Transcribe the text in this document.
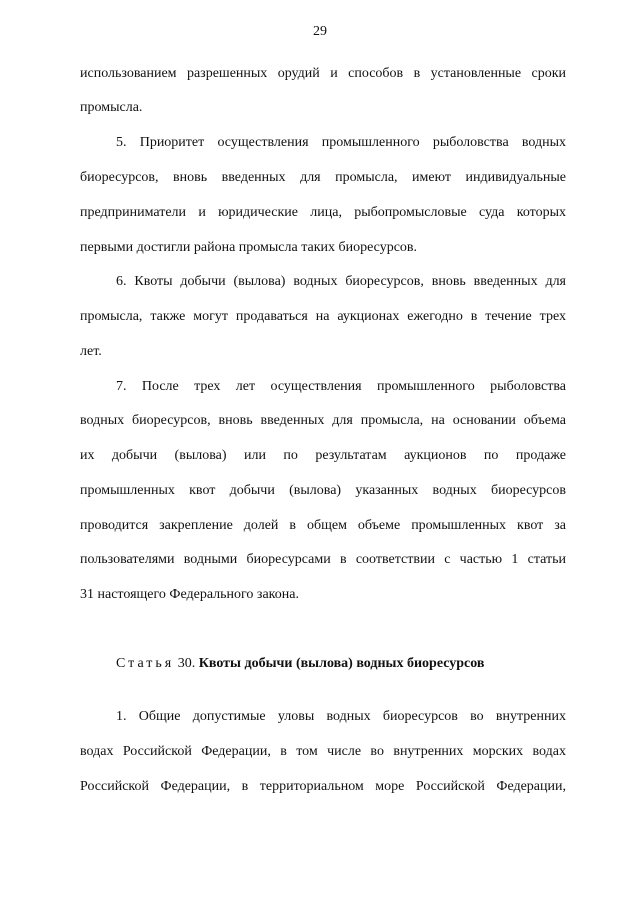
29
использованием разрешенных орудий и способов в установленные сроки
промысла.
5. Приоритет осуществления промышленного рыболовства водных
биоресурсов, вновь введенных для промысла, имеют индивидуальные
предприниматели и юридические лица, рыбопромысловые суда которых
первыми достигли района промысла таких биоресурсов.
6. Квоты добычи (вылова) водных биоресурсов, вновь введенных для
промысла, также могут продаваться на аукционах ежегодно в течение трех
лет.
7. После трех лет осуществления промышленного рыболовства
водных биоресурсов, вновь введенных для промысла, на основании объема
их добычи (вылова) или по результатам аукционов по продаже
промышленных квот добычи (вылова) указанных водных биоресурсов
проводится закрепление долей в общем объеме промышленных квот за
пользователями водными биоресурсами в соответствии с частью 1 статьи
31 настоящего Федерального закона.
Статья 30. Квоты добычи (вылова) водных биоресурсов
1. Общие допустимые уловы водных биоресурсов во внутренних
водах Российской Федерации, в том числе во внутренних морских водах
Российской Федерации, в территориальном море Российской Федерации,
